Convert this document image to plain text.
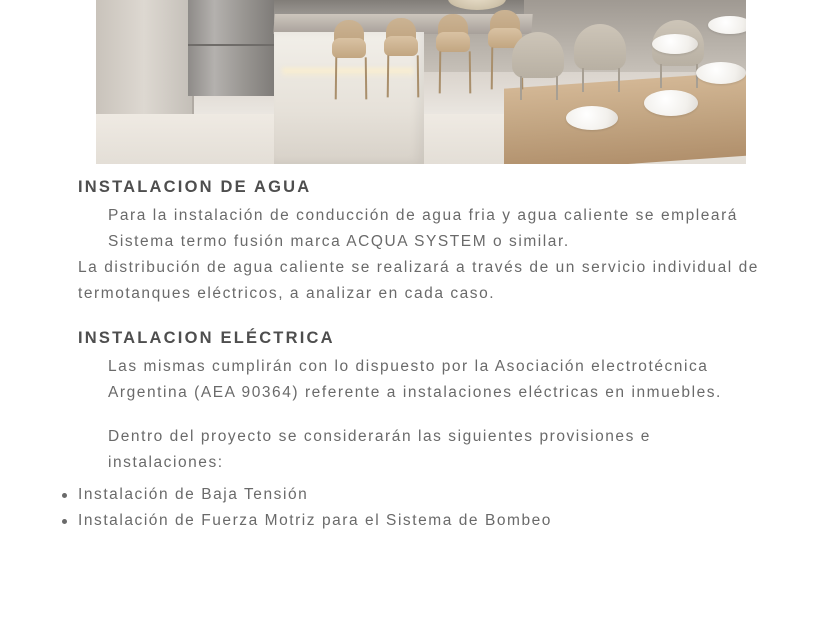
INSTALACION DE AGUA

Para la instalación de conducción de agua fria y agua caliente se empleará Sistema termo fusión marca ACQUA SYSTEM o similar.

La distribución de agua caliente se realizará a través de un servicio individual de termotanques eléctricos, a analizar en cada caso.

INSTALACION ELÉCTRICA

Las mismas cumplirán con lo dispuesto por la Asociación electrotécnica Argentina (AEA 90364) referente a instalaciones eléctricas en inmuebles.

Dentro del proyecto se considerarán las siguientes provisiones e instalaciones:

Instalación de Baja Tensión
Instalación de Fuerza Motriz para el Sistema de Bombeo
